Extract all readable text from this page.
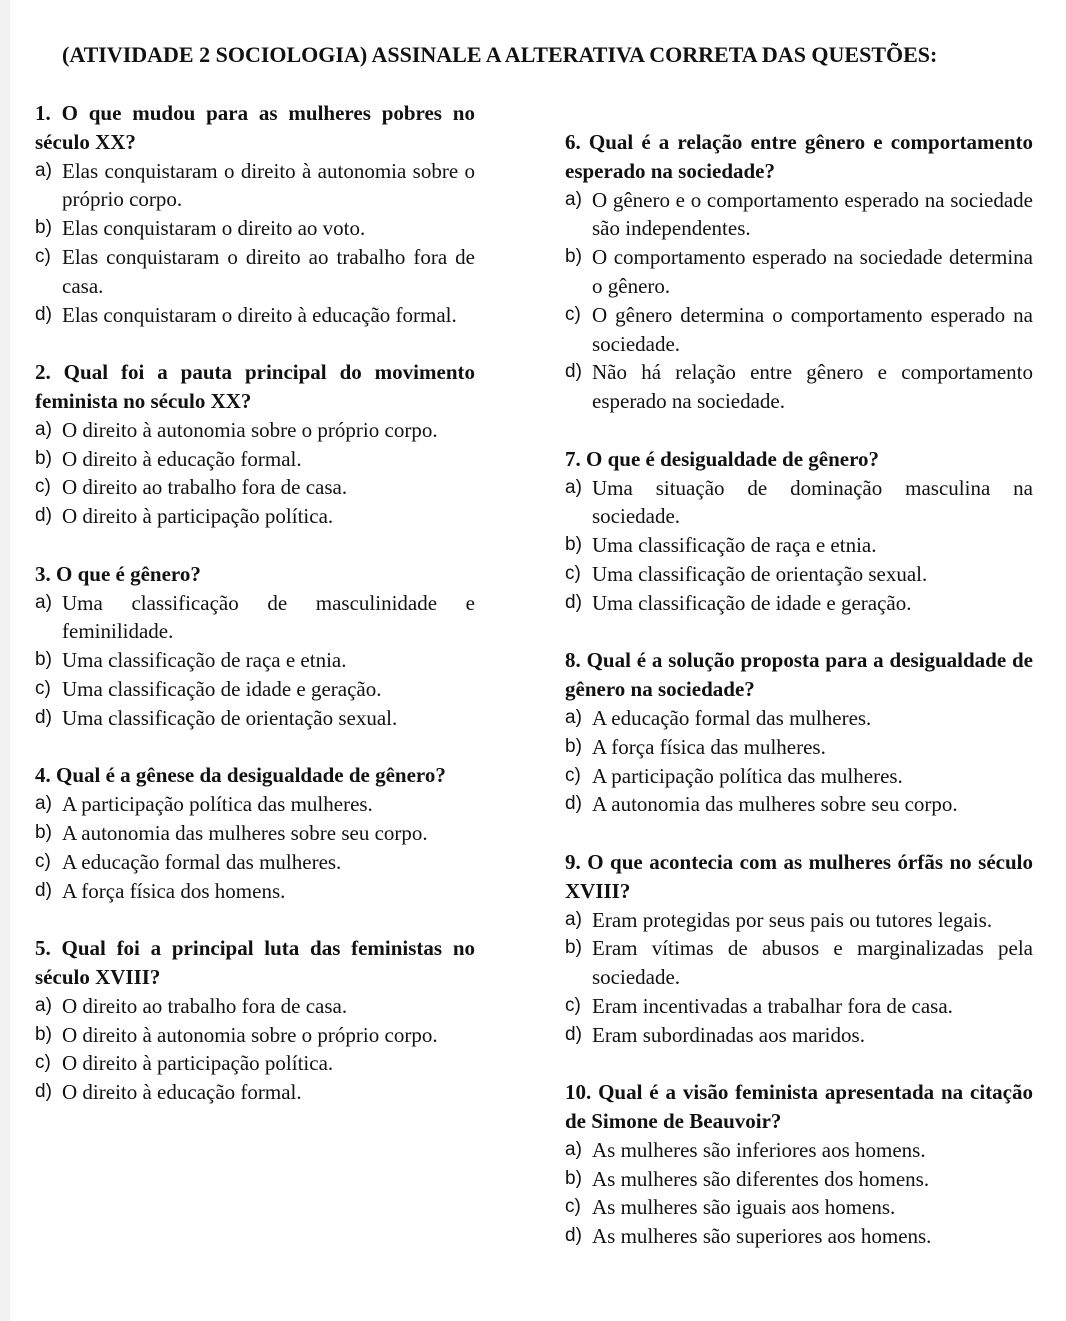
(ATIVIDADE 2 SOCIOLOGIA) ASSINALE A ALTERATIVA CORRETA DAS QUESTÕES:
1. O que mudou para as mulheres pobres no século XX?
a) Elas conquistaram o direito à autonomia sobre o próprio corpo.
b) Elas conquistaram o direito ao voto.
c) Elas conquistaram o direito ao trabalho fora de casa.
d) Elas conquistaram o direito à educação formal.
2. Qual foi a pauta principal do movimento feminista no século XX?
a) O direito à autonomia sobre o próprio corpo.
b) O direito à educação formal.
c) O direito ao trabalho fora de casa.
d) O direito à participação política.
3. O que é gênero?
a) Uma classificação de masculinidade e feminilidade.
b) Uma classificação de raça e etnia.
c) Uma classificação de idade e geração.
d) Uma classificação de orientação sexual.
4. Qual é a gênese da desigualdade de gênero?
a) A participação política das mulheres.
b) A autonomia das mulheres sobre seu corpo.
c) A educação formal das mulheres.
d) A força física dos homens.
5. Qual foi a principal luta das feministas no século XVIII?
a) O direito ao trabalho fora de casa.
b) O direito à autonomia sobre o próprio corpo.
c) O direito à participação política.
d) O direito à educação formal.
6. Qual é a relação entre gênero e comportamento esperado na sociedade?
a) O gênero e o comportamento esperado na sociedade são independentes.
b) O comportamento esperado na sociedade determina o gênero.
c) O gênero determina o comportamento esperado na sociedade.
d) Não há relação entre gênero e comportamento esperado na sociedade.
7. O que é desigualdade de gênero?
a) Uma situação de dominação masculina na sociedade.
b) Uma classificação de raça e etnia.
c) Uma classificação de orientação sexual.
d) Uma classificação de idade e geração.
8. Qual é a solução proposta para a desigualdade de gênero na sociedade?
a) A educação formal das mulheres.
b) A força física das mulheres.
c) A participação política das mulheres.
d) A autonomia das mulheres sobre seu corpo.
9. O que acontecia com as mulheres órfãs no século XVIII?
a) Eram protegidas por seus pais ou tutores legais.
b) Eram vítimas de abusos e marginalizadas pela sociedade.
c) Eram incentivadas a trabalhar fora de casa.
d) Eram subordinadas aos maridos.
10. Qual é a visão feminista apresentada na citação de Simone de Beauvoir?
a) As mulheres são inferiores aos homens.
b) As mulheres são diferentes dos homens.
c) As mulheres são iguais aos homens.
d) As mulheres são superiores aos homens.
